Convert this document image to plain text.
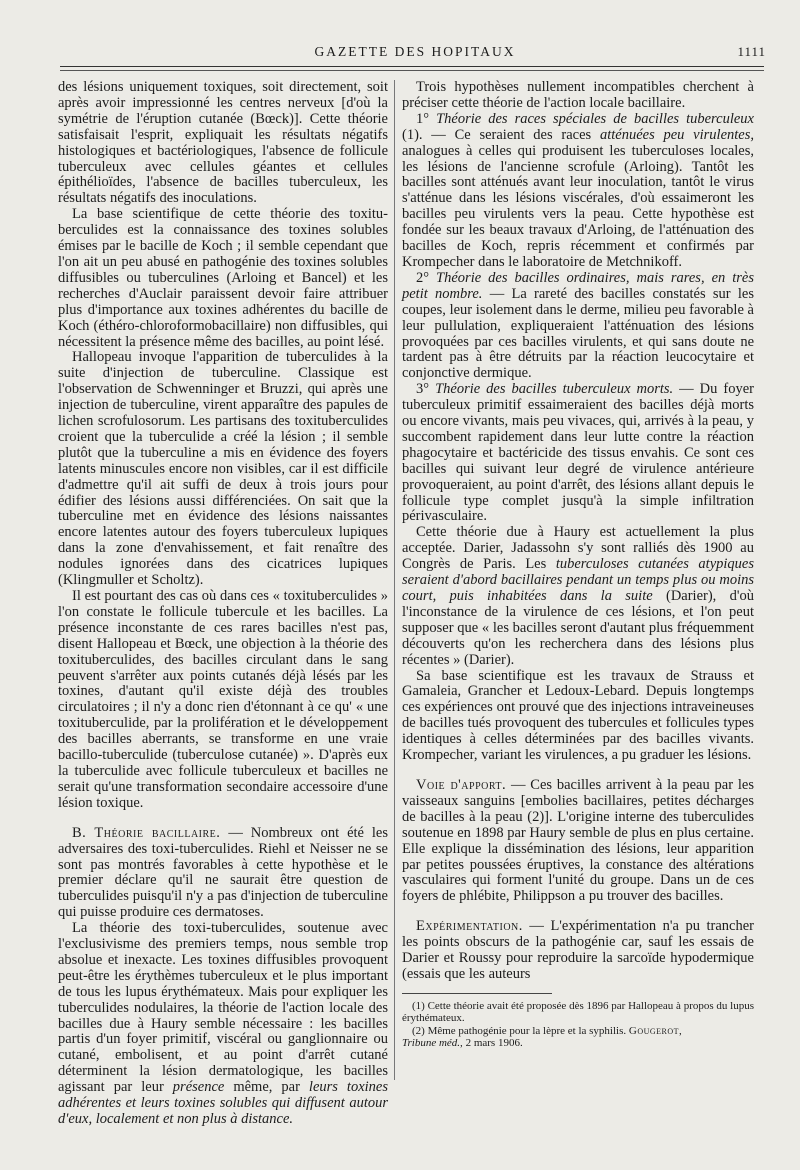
GAZETTE DES HOPITAUX	1111

des lésions uniquement toxiques, soit directement, soit après avoir impressionné les centres nerveux [d'où la symétrie de l'éruption cutanée (Bœck)]. Cette théorie satisfaisait l'esprit, expliquait les résultats négatifs histologiques et bactériologiques, l'absence de follicule tuberculeux avec cellules géantes et cellules épithélioïdes, l'absence de bacilles tuberculeux, les résultats négatifs des inoculations.

La base scientifique de cette théorie des toxitu-berculides est la connaissance des toxines solubles émises par le bacille de Koch ; il semble cependant que l'on ait un peu abusé en pathogénie des toxines solubles diffusibles ou tuberculines (Arloing et Bancel) et les recherches d'Auclair paraissent devoir faire attribuer plus d'importance aux toxines adhérentes du bacille de Koch (éthéro-chloroformobacillaire) non diffusibles, qui nécessitent la présence même des bacilles, au point lésé.

Hallopeau invoque l'apparition de tuberculides à la suite d'injection de tuberculine. Classique est l'observation de Schwenninger et Bruzzi, qui après une injection de tuberculine, virent apparaître des papules de lichen scrofulosorum. Les partisans des toxituberculides croient que la tuberculide a créé la lésion ; il semble plutôt que la tuberculine a mis en évidence des foyers latents minuscules encore non visibles, car il est difficile d'admettre qu'il ait suffi de deux à trois jours pour édifier des lésions aussi différenciées. On sait que la tuberculine met en évidence des lésions naissantes encore latentes autour des foyers tuberculeux lupiques dans la zone d'envahissement, et fait renaître des nodules ignorées dans des cicatrices lupiques (Klingmuller et Scholtz).

Il est pourtant des cas où dans ces « toxituberculides » l'on constate le follicule tubercule et les bacilles. La présence inconstante de ces rares bacilles n'est pas, disent Hallopeau et Bœck, une objection à la théorie des toxituberculides, des bacilles circulant dans le sang peuvent s'arrêter aux points cutanés déjà lésés par les toxines, d'autant qu'il existe déjà des troubles circulatoires ; il n'y a donc rien d'étonnant à ce qu' « une toxituberculide, par la prolifération et le développement des bacilles aberrants, se transforme en une vraie bacillo-tuberculide (tuberculose cutanée) ». D'après eux la tuberculide avec follicule tuberculeux et bacilles ne serait qu'une transformation secondaire accessoire d'une lésion toxique.

B. Théorie bacillaire. — Nombreux ont été les adversaires des toxi-tuberculides. Riehl et Neisser ne se sont pas montrés favorables à cette hypothèse et le premier déclare qu'il ne saurait être question de tuberculides puisqu'il n'y a pas d'injection de tuberculine qui puisse produire ces dermatoses.

La théorie des toxi-tuberculides, soutenue avec l'exclusivisme des premiers temps, nous semble trop absolue et inexacte. Les toxines diffusibles provoquent peut-être les érythèmes tuberculeux et le plus important de tous les lupus érythémateux. Mais pour expliquer les tuberculides nodulaires, la théorie de l'action locale des bacilles due à Haury semble nécessaire : les bacilles partis d'un foyer primitif, viscéral ou ganglionnaire ou cutané, embolisent, et au point d'arrêt cutané déterminent la lésion dermatologique, les bacilles agissant par leur présence même, par leurs toxines adhérentes et leurs toxines solubles qui diffusent autour d'eux, localement et non plus à distance.

Trois hypothèses nullement incompatibles cherchent à préciser cette théorie de l'action locale bacillaire.

1° Théorie des races spéciales de bacilles tuberculeux (1). — Ce seraient des races atténuées peu virulentes, analogues à celles qui produisent les tuberculoses locales, les lésions de l'ancienne scrofule (Arloing). Tantôt les bacilles sont atténués avant leur inoculation, tantôt le virus s'atténue dans les lésions viscérales, d'où essaimeront les bacilles peu virulents vers la peau. Cette hypothèse est fondée sur les beaux travaux d'Arloing, de l'atténuation des bacilles de Koch, repris récemment et confirmés par Krompecher dans le laboratoire de Metchnikoff.

2° Théorie des bacilles ordinaires, mais rares, en très petit nombre. — La rareté des bacilles constatés sur les coupes, leur isolement dans le derme, milieu peu favorable à leur pullulation, expliqueraient l'atténuation des lésions provoquées par ces bacilles virulents, et qui sans doute ne tardent pas à être détruits par la réaction leucocytaire et conjonctive dermique.

3° Théorie des bacilles tuberculeux morts. — Du foyer tuberculeux primitif essaimeraient des bacilles déjà morts ou encore vivants, mais peu vivaces, qui, arrivés à la peau, y succombent rapidement dans leur lutte contre la réaction phagocytaire et bactéricide des tissus envahis. Ce sont ces bacilles qui suivant leur degré de virulence antérieure provoqueraient, au point d'arrêt, des lésions allant depuis le follicule type complet jusqu'à la simple infiltration périvasculaire.

Cette théorie due à Haury est actuellement la plus acceptée. Darier, Jadassohn s'y sont ralliés dès 1900 au Congrès de Paris. Les tuberculoses cutanées atypiques seraient d'abord bacillaires pendant un temps plus ou moins court, puis inhabitées dans la suite (Darier), d'où l'inconstance de la virulence de ces lésions, et l'on peut supposer que « les bacilles seront d'autant plus fréquemment découverts qu'on les recherchera dans des lésions plus récentes » (Darier).

Sa base scientifique est les travaux de Strauss et Gamaleia, Grancher et Ledoux-Lebard. Depuis longtemps ces expériences ont prouvé que des injections intraveineuses de bacilles tués provoquent des tubercules et follicules types identiques à celles déterminées par des bacilles vivants. Krompecher, variant les virulences, a pu graduer les lésions.

Voie d'apport. — Ces bacilles arrivent à la peau par les vaisseaux sanguins [embolies bacillaires, petites décharges de bacilles à la peau (2)]. L'origine interne des tuberculides soutenue en 1898 par Haury semble de plus en plus certaine. Elle explique la dissémination des lésions, leur apparition par petites poussées éruptives, la constance des altérations vasculaires qui forment l'unité du groupe. Dans un de ces foyers de phlébite, Philippson a pu trouver des bacilles.

Expérimentation. — L'expérimentation n'a pu trancher les points obscurs de la pathogénie car, sauf les essais de Darier et Roussy pour reproduire la sarcoïde hypodermique (essais que les auteurs

(1) Cette théorie avait été proposée dès 1896 par Hallopeau à propos du lupus érythémateux.

(2) Même pathogénie pour la lèpre et la syphilis. Gougerot,
Tribune méd., 2 mars 1906.
